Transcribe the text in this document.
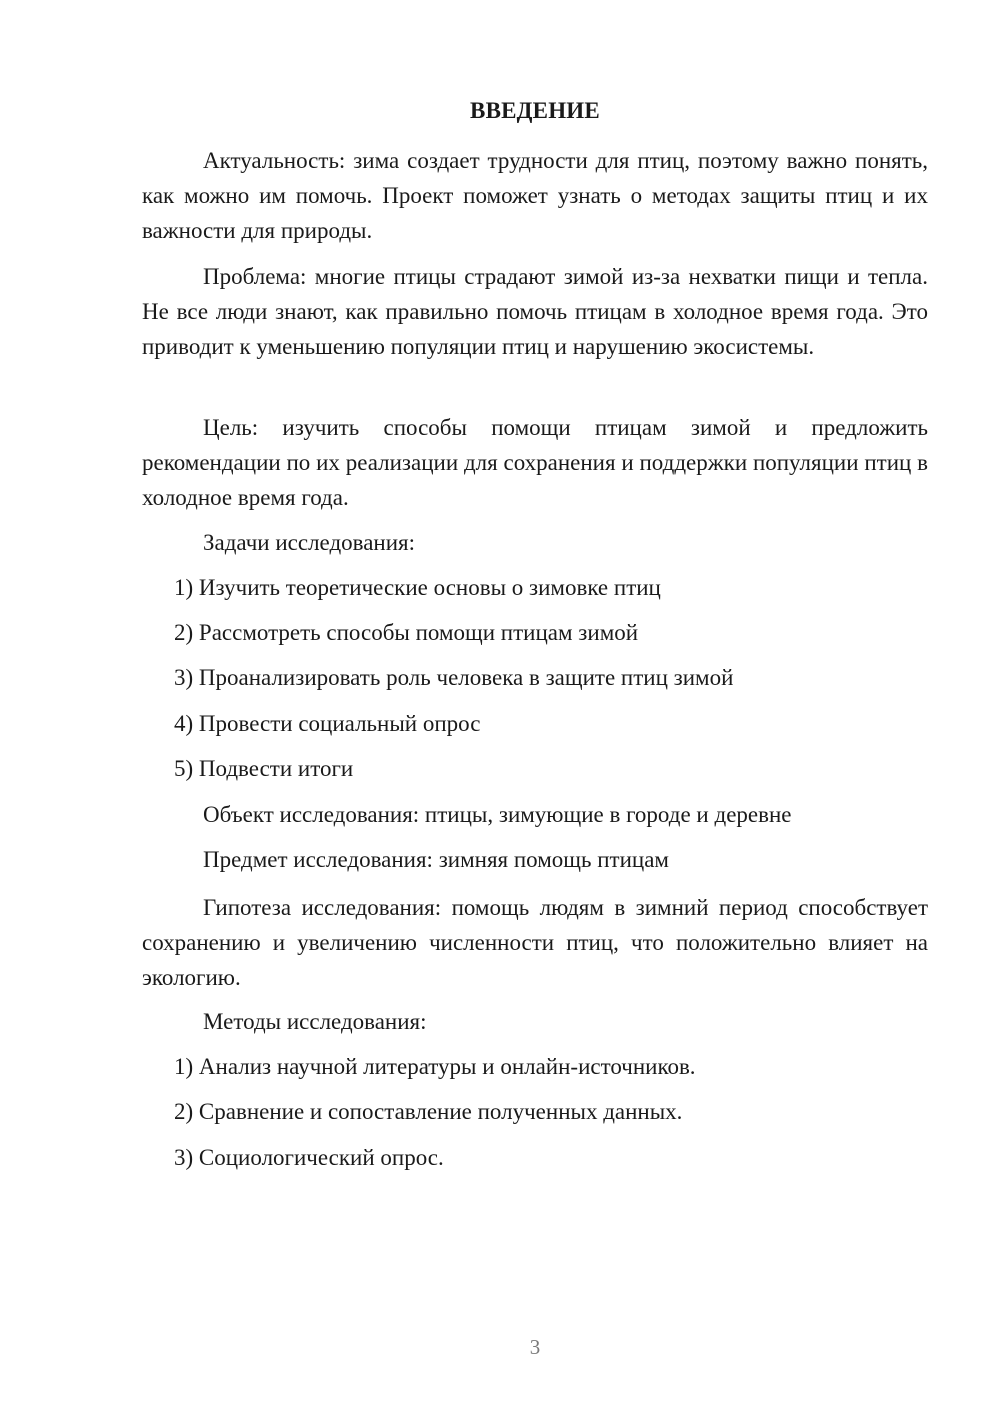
ВВЕДЕНИЕ

Актуальность: зима создает трудности для птиц, поэтому важно понять, как можно им помочь. Проект поможет узнать о методах защиты птиц и их важности для природы.

Проблема: многие птицы страдают зимой из-за нехватки пищи и тепла. Не все люди знают, как правильно помочь птицам в холодное время года. Это приводит к уменьшению популяции птиц и нарушению экосистемы.

Цель: изучить способы помощи птицам зимой и предложить рекомендации по их реализации для сохранения и поддержки популяции птиц в холодное время года.

Задачи исследования:

1) Изучить теоретические основы о зимовке птиц

2) Рассмотреть способы помощи птицам зимой

3) Проанализировать роль человека в защите птиц зимой

4) Провести социальный опрос

5) Подвести итоги

Объект исследования: птицы, зимующие в городе и деревне

Предмет исследования: зимняя помощь птицам

Гипотеза исследования: помощь людям в зимний период способствует сохранению и увеличению численности птиц, что положительно влияет на экологию.

Методы исследования:

1) Анализ научной литературы и онлайн-источников.

2) Сравнение и сопоставление полученных данных.

3) Социологический опрос.

3
